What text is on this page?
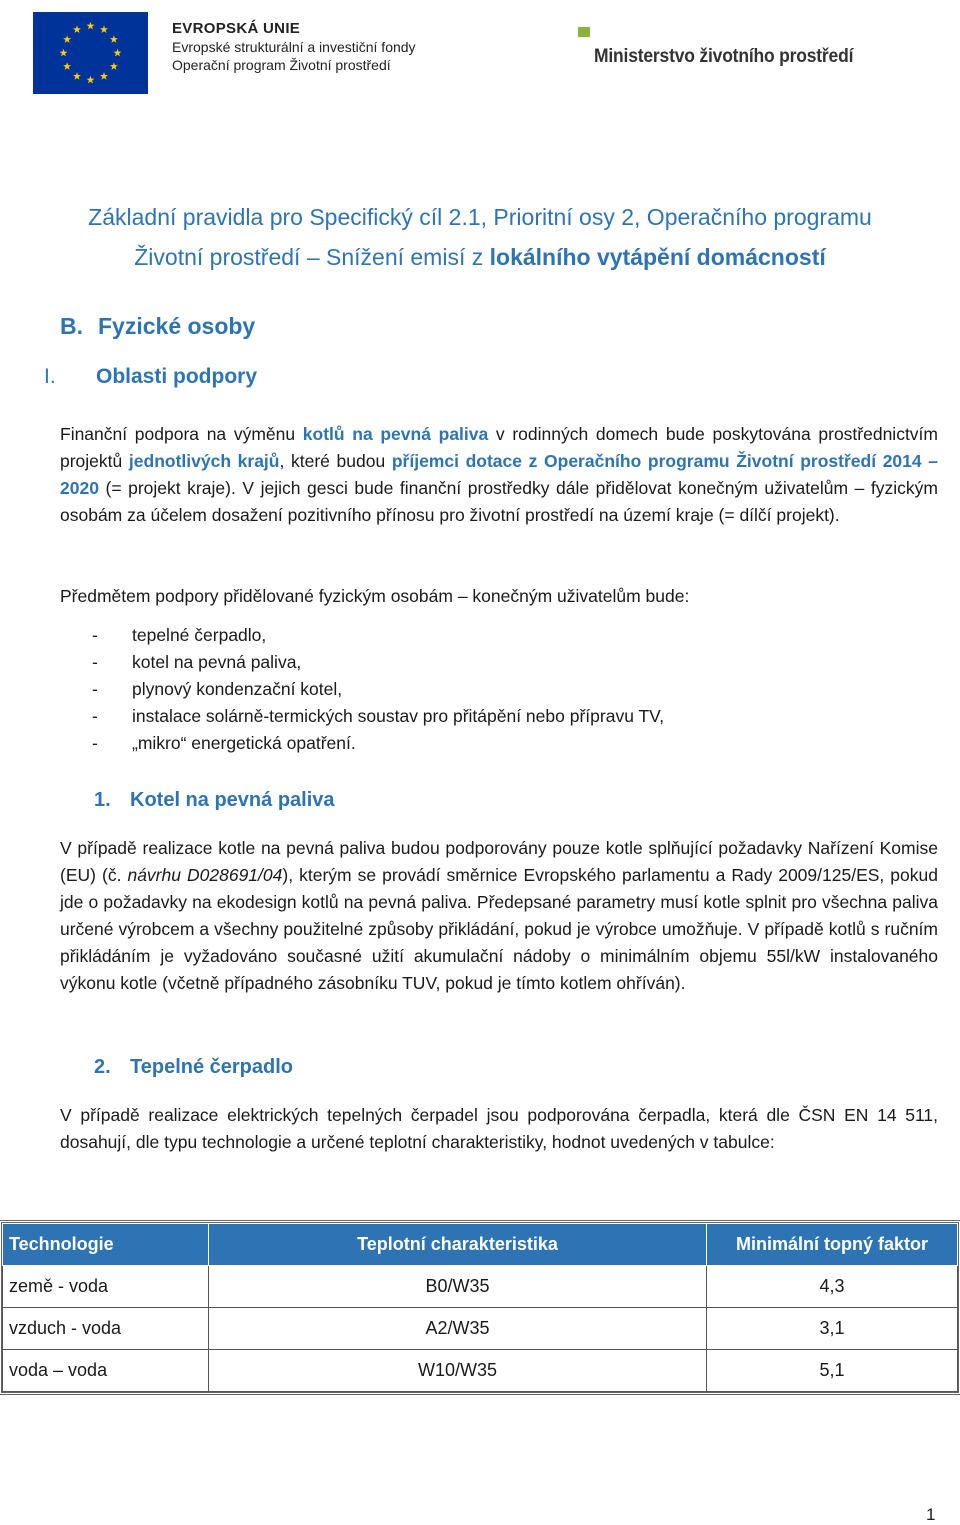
EVROPSKÁ UNIE
Evropské strukturální a investiční fondy
Operační program Životní prostředí	Ministerstvo životního prostředí
Základní pravidla pro Specifický cíl 2.1, Prioritní osy 2, Operačního programu
Životní prostředí – Snížení emisí z lokálního vytápění domácností
B. Fyzické osoby
I. Oblasti podpory
Finanční podpora na výměnu kotlů na pevná paliva v rodinných domech bude poskytována prostřednictvím projektů jednotlivých krajů, které budou příjemci dotace z Operačního programu Životní prostředí 2014 – 2020 (= projekt kraje). V jejich gesci bude finanční prostředky dále přidělovat konečným uživatelům – fyzickým osobám za účelem dosažení pozitivního přínosu pro životní prostředí na území kraje (= dílčí projekt).
Předmětem podpory přidělované fyzickým osobám – konečným uživatelům bude:
- tepelné čerpadlo,
- kotel na pevná paliva,
- plynový kondenzační kotel,
- instalace solárně-termických soustav pro přitápění nebo přípravu TV,
- „mikro“ energetická opatření.
1. Kotel na pevná paliva
V případě realizace kotle na pevná paliva budou podporovány pouze kotle splňující požadavky Nařízení Komise (EU) (č. návrhu D028691/04), kterým se provádí směrnice Evropského parlamentu a Rady 2009/125/ES, pokud jde o požadavky na ekodesign kotlů na pevná paliva. Předepsané parametry musí kotle splnit pro všechna paliva určené výrobcem a všechny použitelné způsoby přikládání, pokud je výrobce umožňuje. V případě kotlů s ručním přikládáním je vyžadováno současné užití akumulační nádoby o minimálním objemu 55l/kW instalovaného výkonu kotle (včetně případného zásobníku TUV, pokud je tímto kotlem ohříván).
2. Tepelné čerpadlo
V případě realizace elektrických tepelných čerpadel jsou podporována čerpadla, která dle ČSN EN 14 511, dosahují, dle typu technologie a určené teplotní charakteristiky, hodnot uvedených v tabulce:
Technologie	Teplotní charakteristika	Minimální topný faktor
země - voda	B0/W35	4,3
vzduch - voda	A2/W35	3,1
voda – voda	W10/W35	5,1
1
